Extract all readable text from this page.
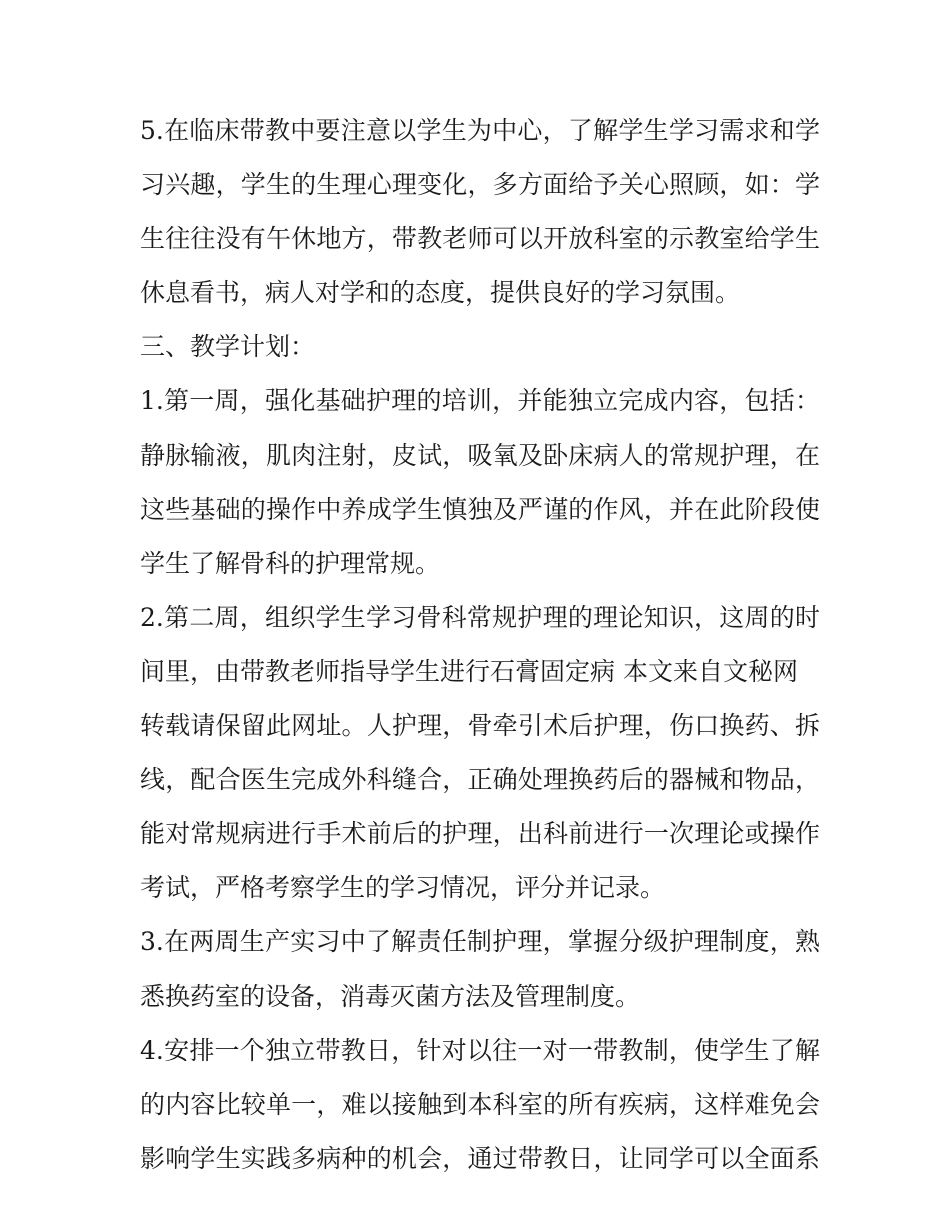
5.在临床带教中要注意以学生为中心，了解学生学习需求和学
习兴趣，学生的生理心理变化，多方面给予关心照顾，如：学
生往往没有午休地方，带教老师可以开放科室的示教室给学生
休息看书，病人对学和的态度，提供良好的学习氛围。
三、教学计划：
1.第一周，强化基础护理的培训，并能独立完成内容，包括：
静脉输液，肌肉注射，皮试，吸氧及卧床病人的常规护理，在
这些基础的操作中养成学生慎独及严谨的作风，并在此阶段使
学生了解骨科的护理常规。
2.第二周，组织学生学习骨科常规护理的理论知识，这周的时
间里，由带教老师指导学生进行石膏固定病 本文来自文秘网
转载请保留此网址。人护理，骨牵引术后护理，伤口换药、拆
线，配合医生完成外科缝合，正确处理换药后的器械和物品，
能对常规病进行手术前后的护理，出科前进行一次理论或操作
考试，严格考察学生的学习情况，评分并记录。
3.在两周生产实习中了解责任制护理，掌握分级护理制度，熟
悉换药室的设备，消毒灭菌方法及管理制度。
4.安排一个独立带教日，针对以往一对一带教制，使学生了解
的内容比较单一，难以接触到本科室的所有疾病，这样难免会
影响学生实践多病种的机会，通过带教日，让同学可以全面系
